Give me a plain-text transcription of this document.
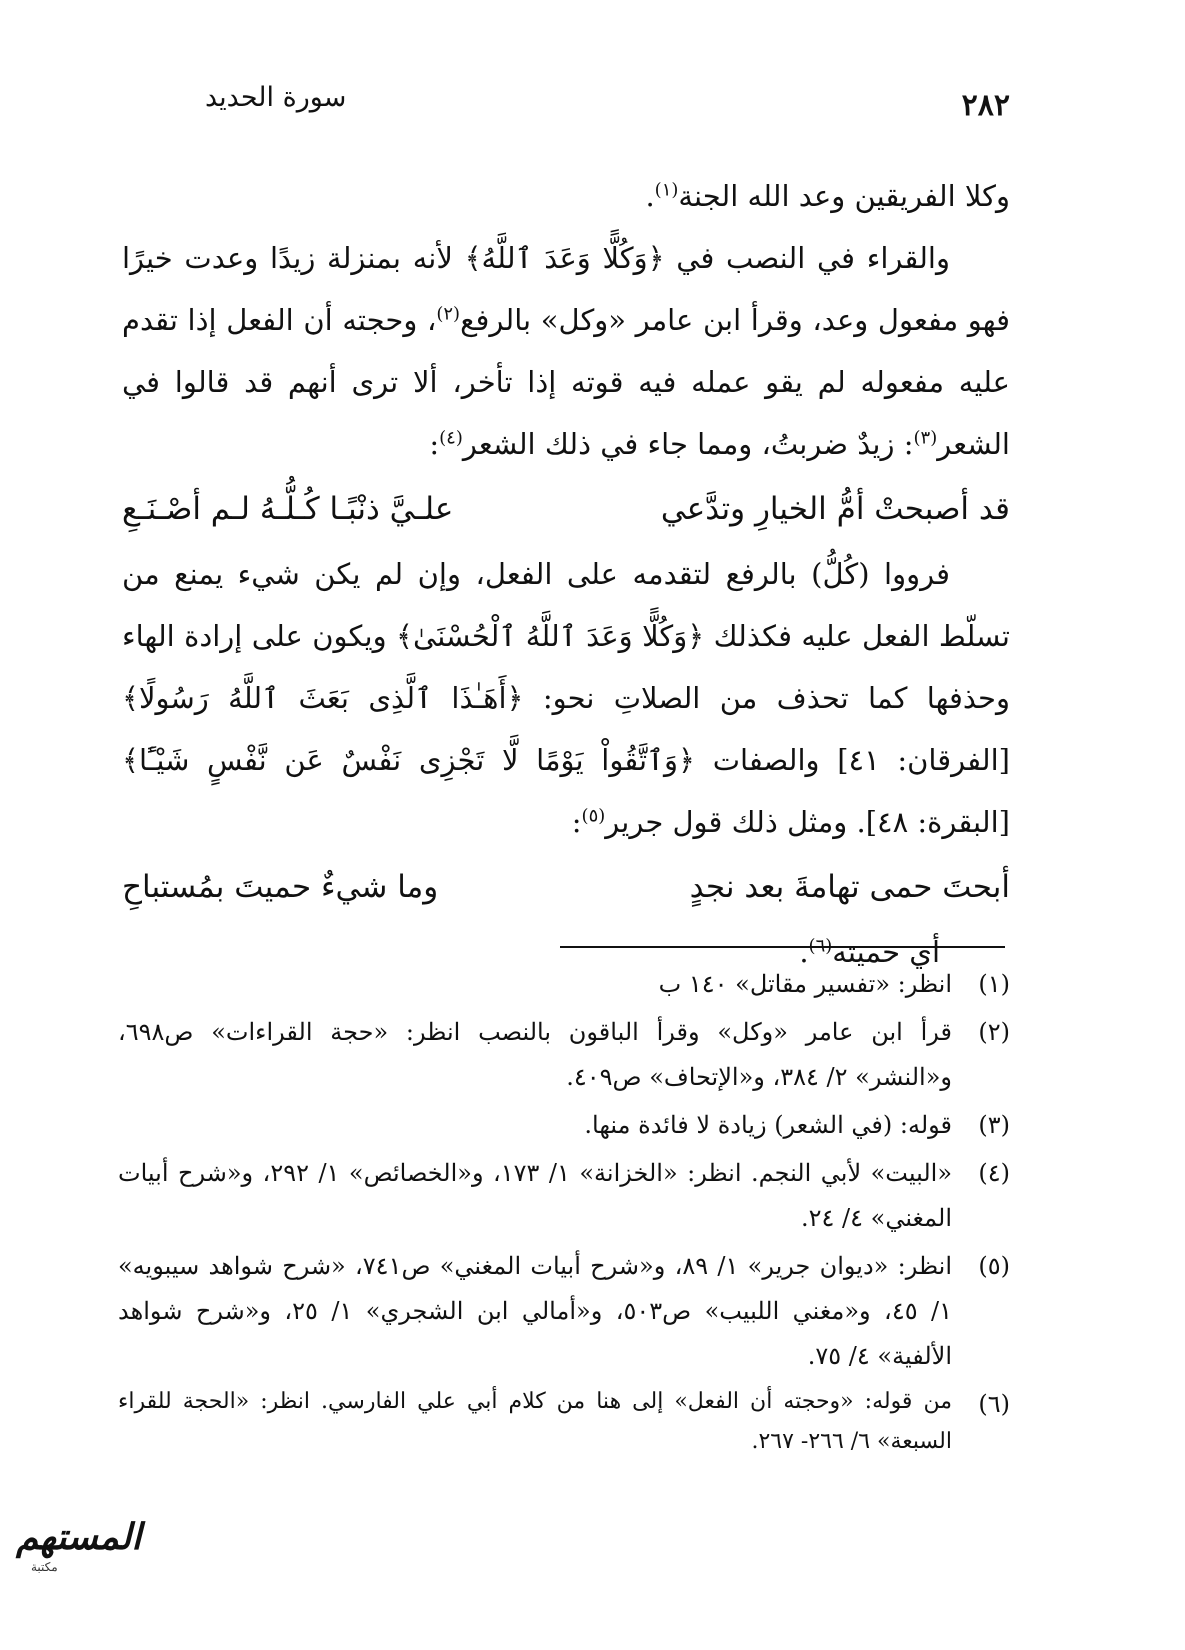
٢٨٢
سورة الحديد

وكلا الفريقين وعد الله الجنة$^{(١)}$.

والقراء في النصب في ﴿وَكُلًّا وَعَدَ ٱللَّهُ﴾ لأنه بمنزلة زيدًا وعدت خيرًا فهو مفعول وعد، وقرأ ابن عامر «وكل» بالرفع$^{(٢)}$، وحجته أن الفعل إذا تقدم عليه مفعوله لم يقو عمله فيه قوته إذا تأخر، ألا ترى أنهم قد قالوا في الشعر$^{(٣)}$: زيدٌ ضربتُ، ومما جاء في ذلك الشعر$^{(٤)}$:

قد أصبحتْ أمُّ الخيارِ وتدَّعي
علـيَّ ذنْبًـا كُـلُّـهُ لـم أصْـنَـعِ

فرووا (كُلُّ) بالرفع لتقدمه على الفعل، وإن لم يكن شيء يمنع من تسلّط الفعل عليه فكذلك ﴿وَكُلًّا وَعَدَ ٱللَّهُ ٱلْحُسْنَىٰ﴾ ويكون على إرادة الهاء وحذفها كما تحذف من الصلاتِ نحو: ﴿أَهَـٰذَا ٱلَّذِى بَعَثَ ٱللَّهُ رَسُولًا﴾ [الفرقان: ٤١] والصفات ﴿وَٱتَّقُواْ يَوْمًا لَّا تَجْزِى نَفْسٌ عَن نَّفْسٍ شَيْـًٔا﴾ [البقرة: ٤٨]. ومثل ذلك قول جرير$^{(٥)}$:

أبحتَ حمى تهامةَ بعد نجدٍ
وما شيءٌ حميتَ بمُستباحِ

أي حميته$^{(٦)}$.

(١)
انظر: «تفسير مقاتل» ١٤٠ ب
(٢)
قرأ ابن عامر «وكل» وقرأ الباقون بالنصب انظر: «حجة القراءات» ص٦٩٨، و«النشر» ٢/ ٣٨٤، و«الإتحاف» ص٤٠٩.
(٣)
قوله: (في الشعر) زيادة لا فائدة منها.
(٤)
«البيت» لأبي النجم. انظر: «الخزانة» ١/ ١٧٣، و«الخصائص» ١/ ٢٩٢، و«شرح أبيات المغني» ٤/ ٢٤.
(٥)
انظر: «ديوان جرير» ١/ ٨٩، و«شرح أبيات المغني» ص٧٤١، «شرح شواهد سيبويه» ١/ ٤٥، و«مغني اللبيب» ص٥٠٣، و«أمالي ابن الشجري» ١/ ٢٥، و«شرح شواهد الألفية» ٤/ ٧٥.
(٦)
من قوله: «وحجته أن الفعل» إلى هنا من كلام أبي علي الفارسي. انظر: «الحجة للقراء السبعة» ٦/ ٢٦٦- ٢٦٧.
المستهم
مكتبة
